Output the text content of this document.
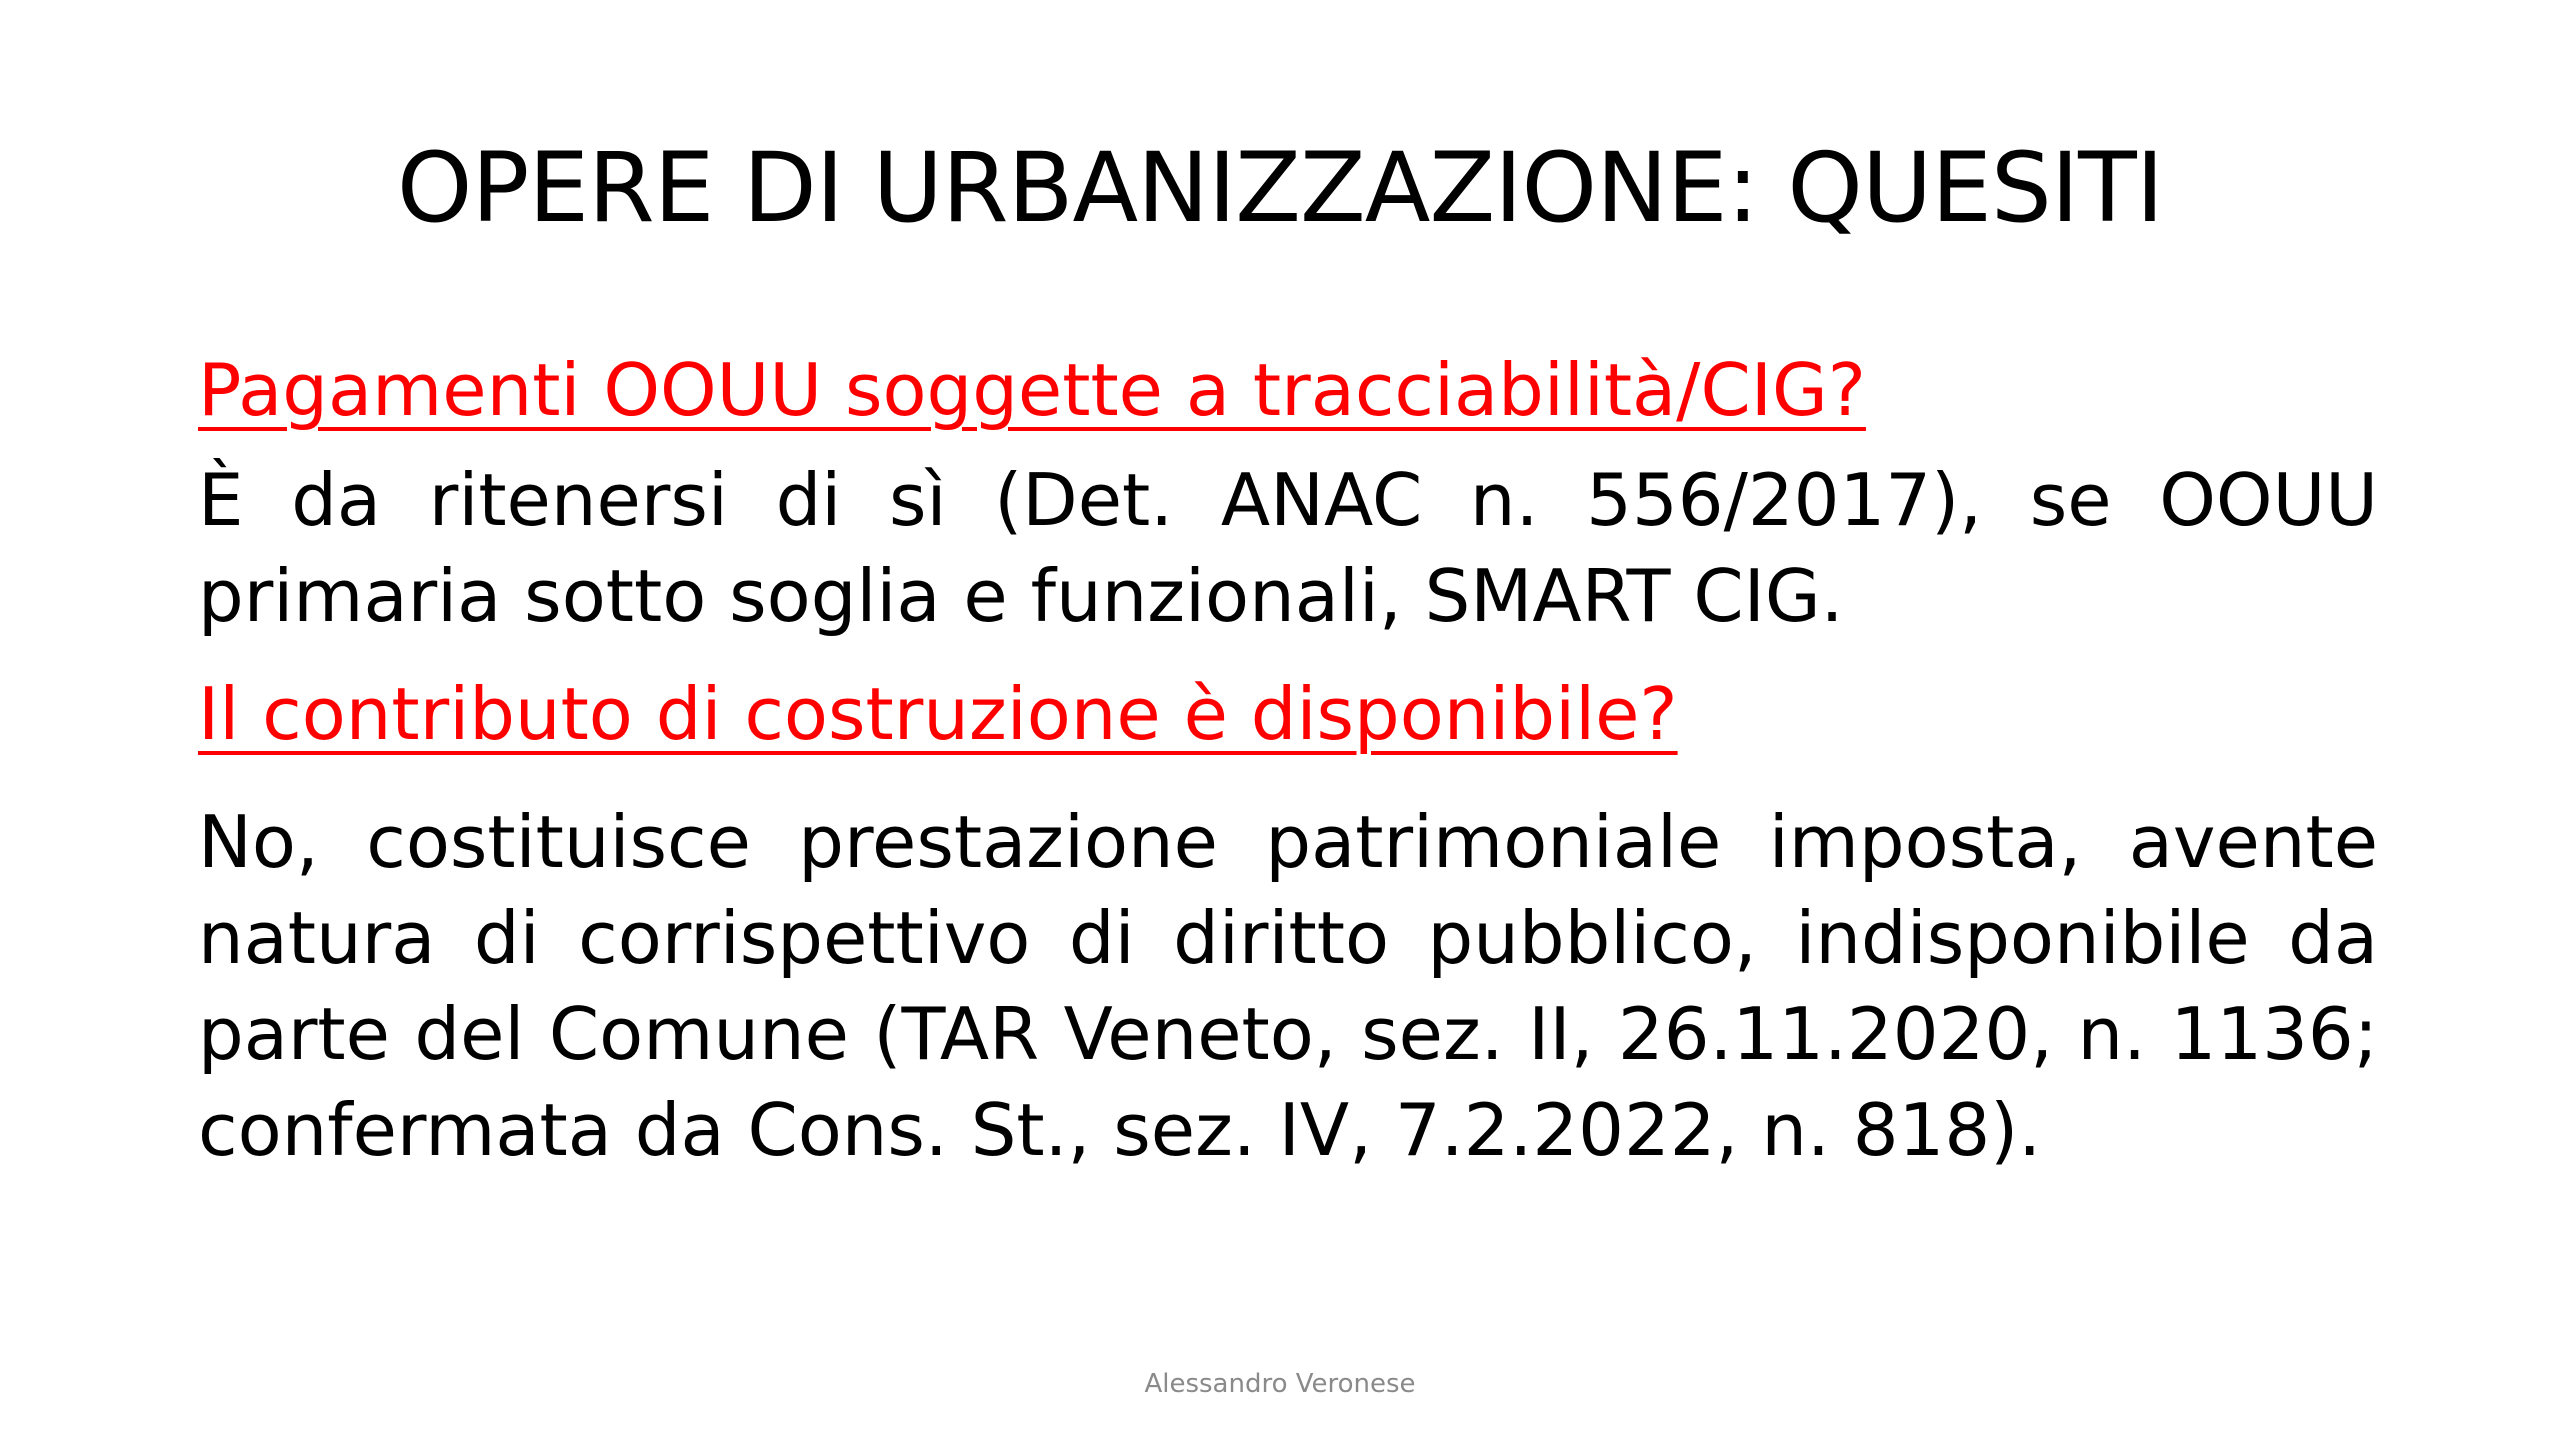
OPERE DI URBANIZZAZIONE: QUESITI

Pagamenti OOUU soggette a tracciabilità/CIG?

È da ritenersi di sì (Det. ANAC n. 556/2017), se OOUU primaria sotto soglia e funzionali, SMART CIG.

Il contributo di costruzione è disponibile?

No, costituisce prestazione patrimoniale imposta, avente natura di corrispettivo di diritto pubblico, indisponibile da parte del Comune (TAR Veneto, sez. II, 26.11.2020, n. 1136; confermata da Cons. St., sez. IV, 7.2.2022, n. 818).

Alessandro Veronese
